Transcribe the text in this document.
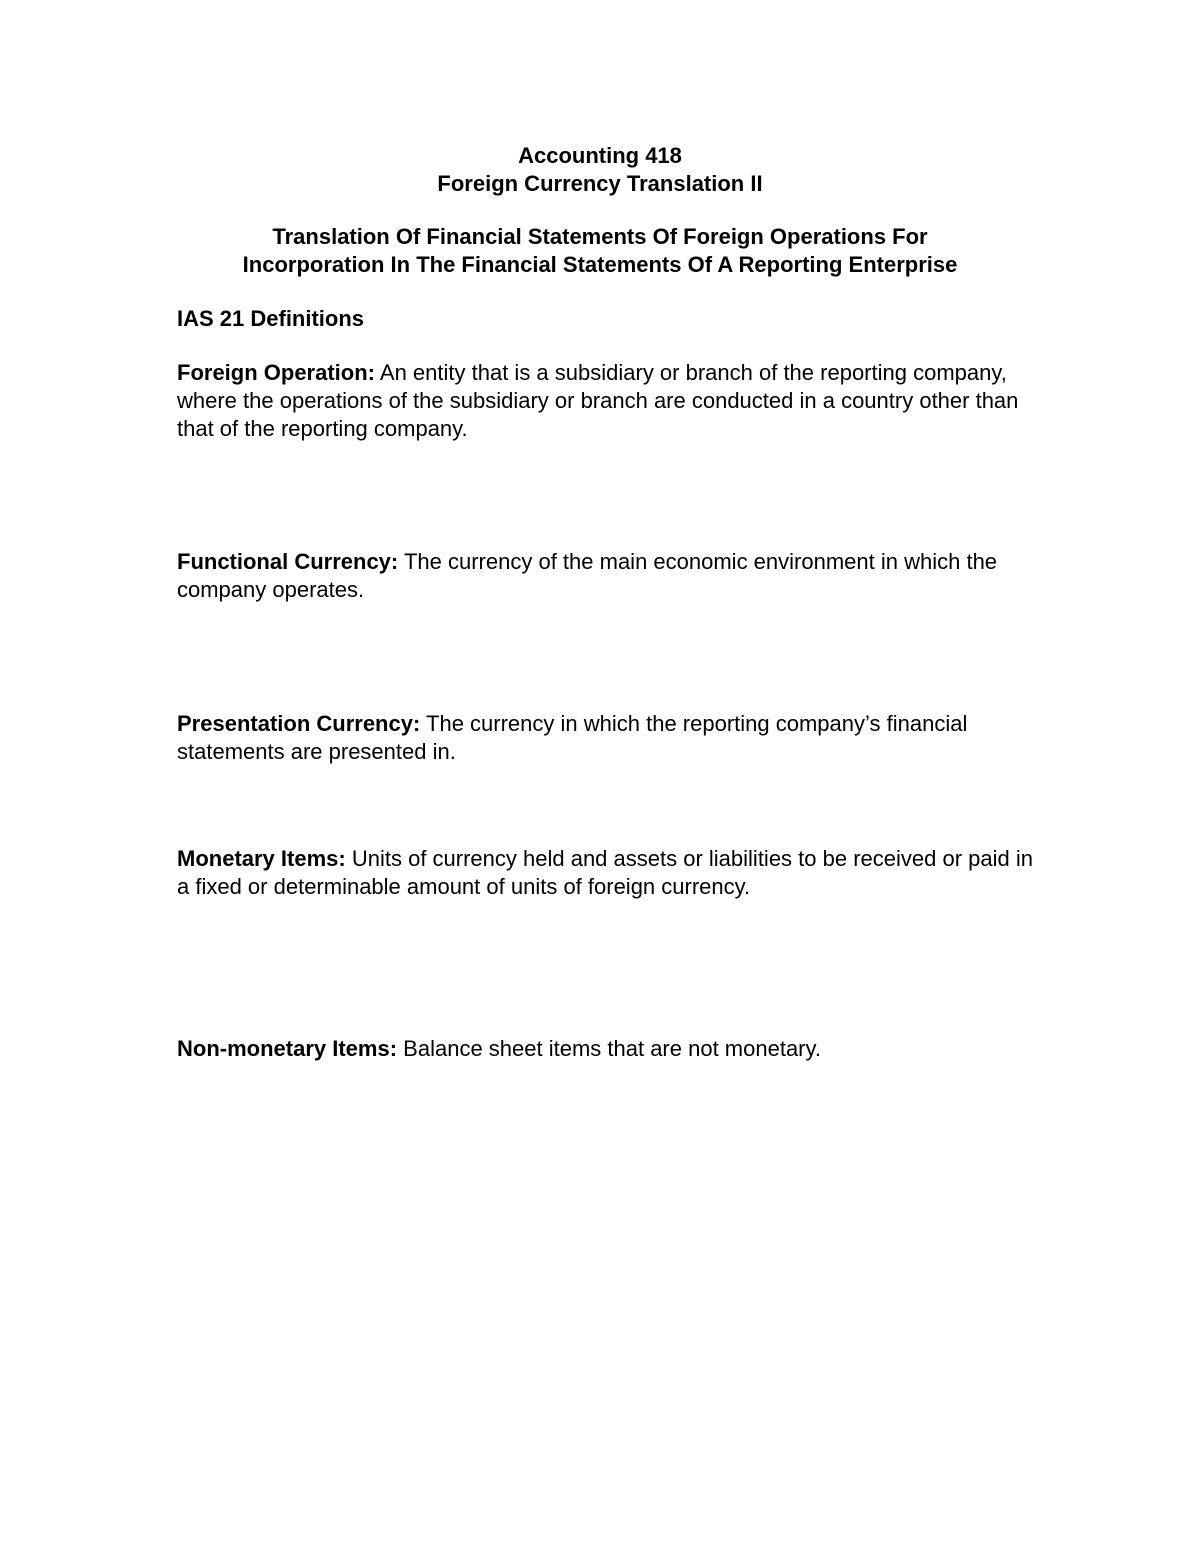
Accounting 418
Foreign Currency Translation II
Translation Of Financial Statements Of Foreign Operations For
Incorporation In The Financial Statements Of A Reporting Enterprise
IAS 21 Definitions
Foreign Operation: An entity that is a subsidiary or branch of the reporting company, where the operations of the subsidiary or branch are conducted in a country other than that of the reporting company.
Functional Currency: The currency of the main economic environment in which the company operates.
Presentation Currency: The currency in which the reporting company’s financial statements are presented in.
Monetary Items: Units of currency held and assets or liabilities to be received or paid in a fixed or determinable amount of units of foreign currency.
Non-monetary Items: Balance sheet items that are not monetary.
